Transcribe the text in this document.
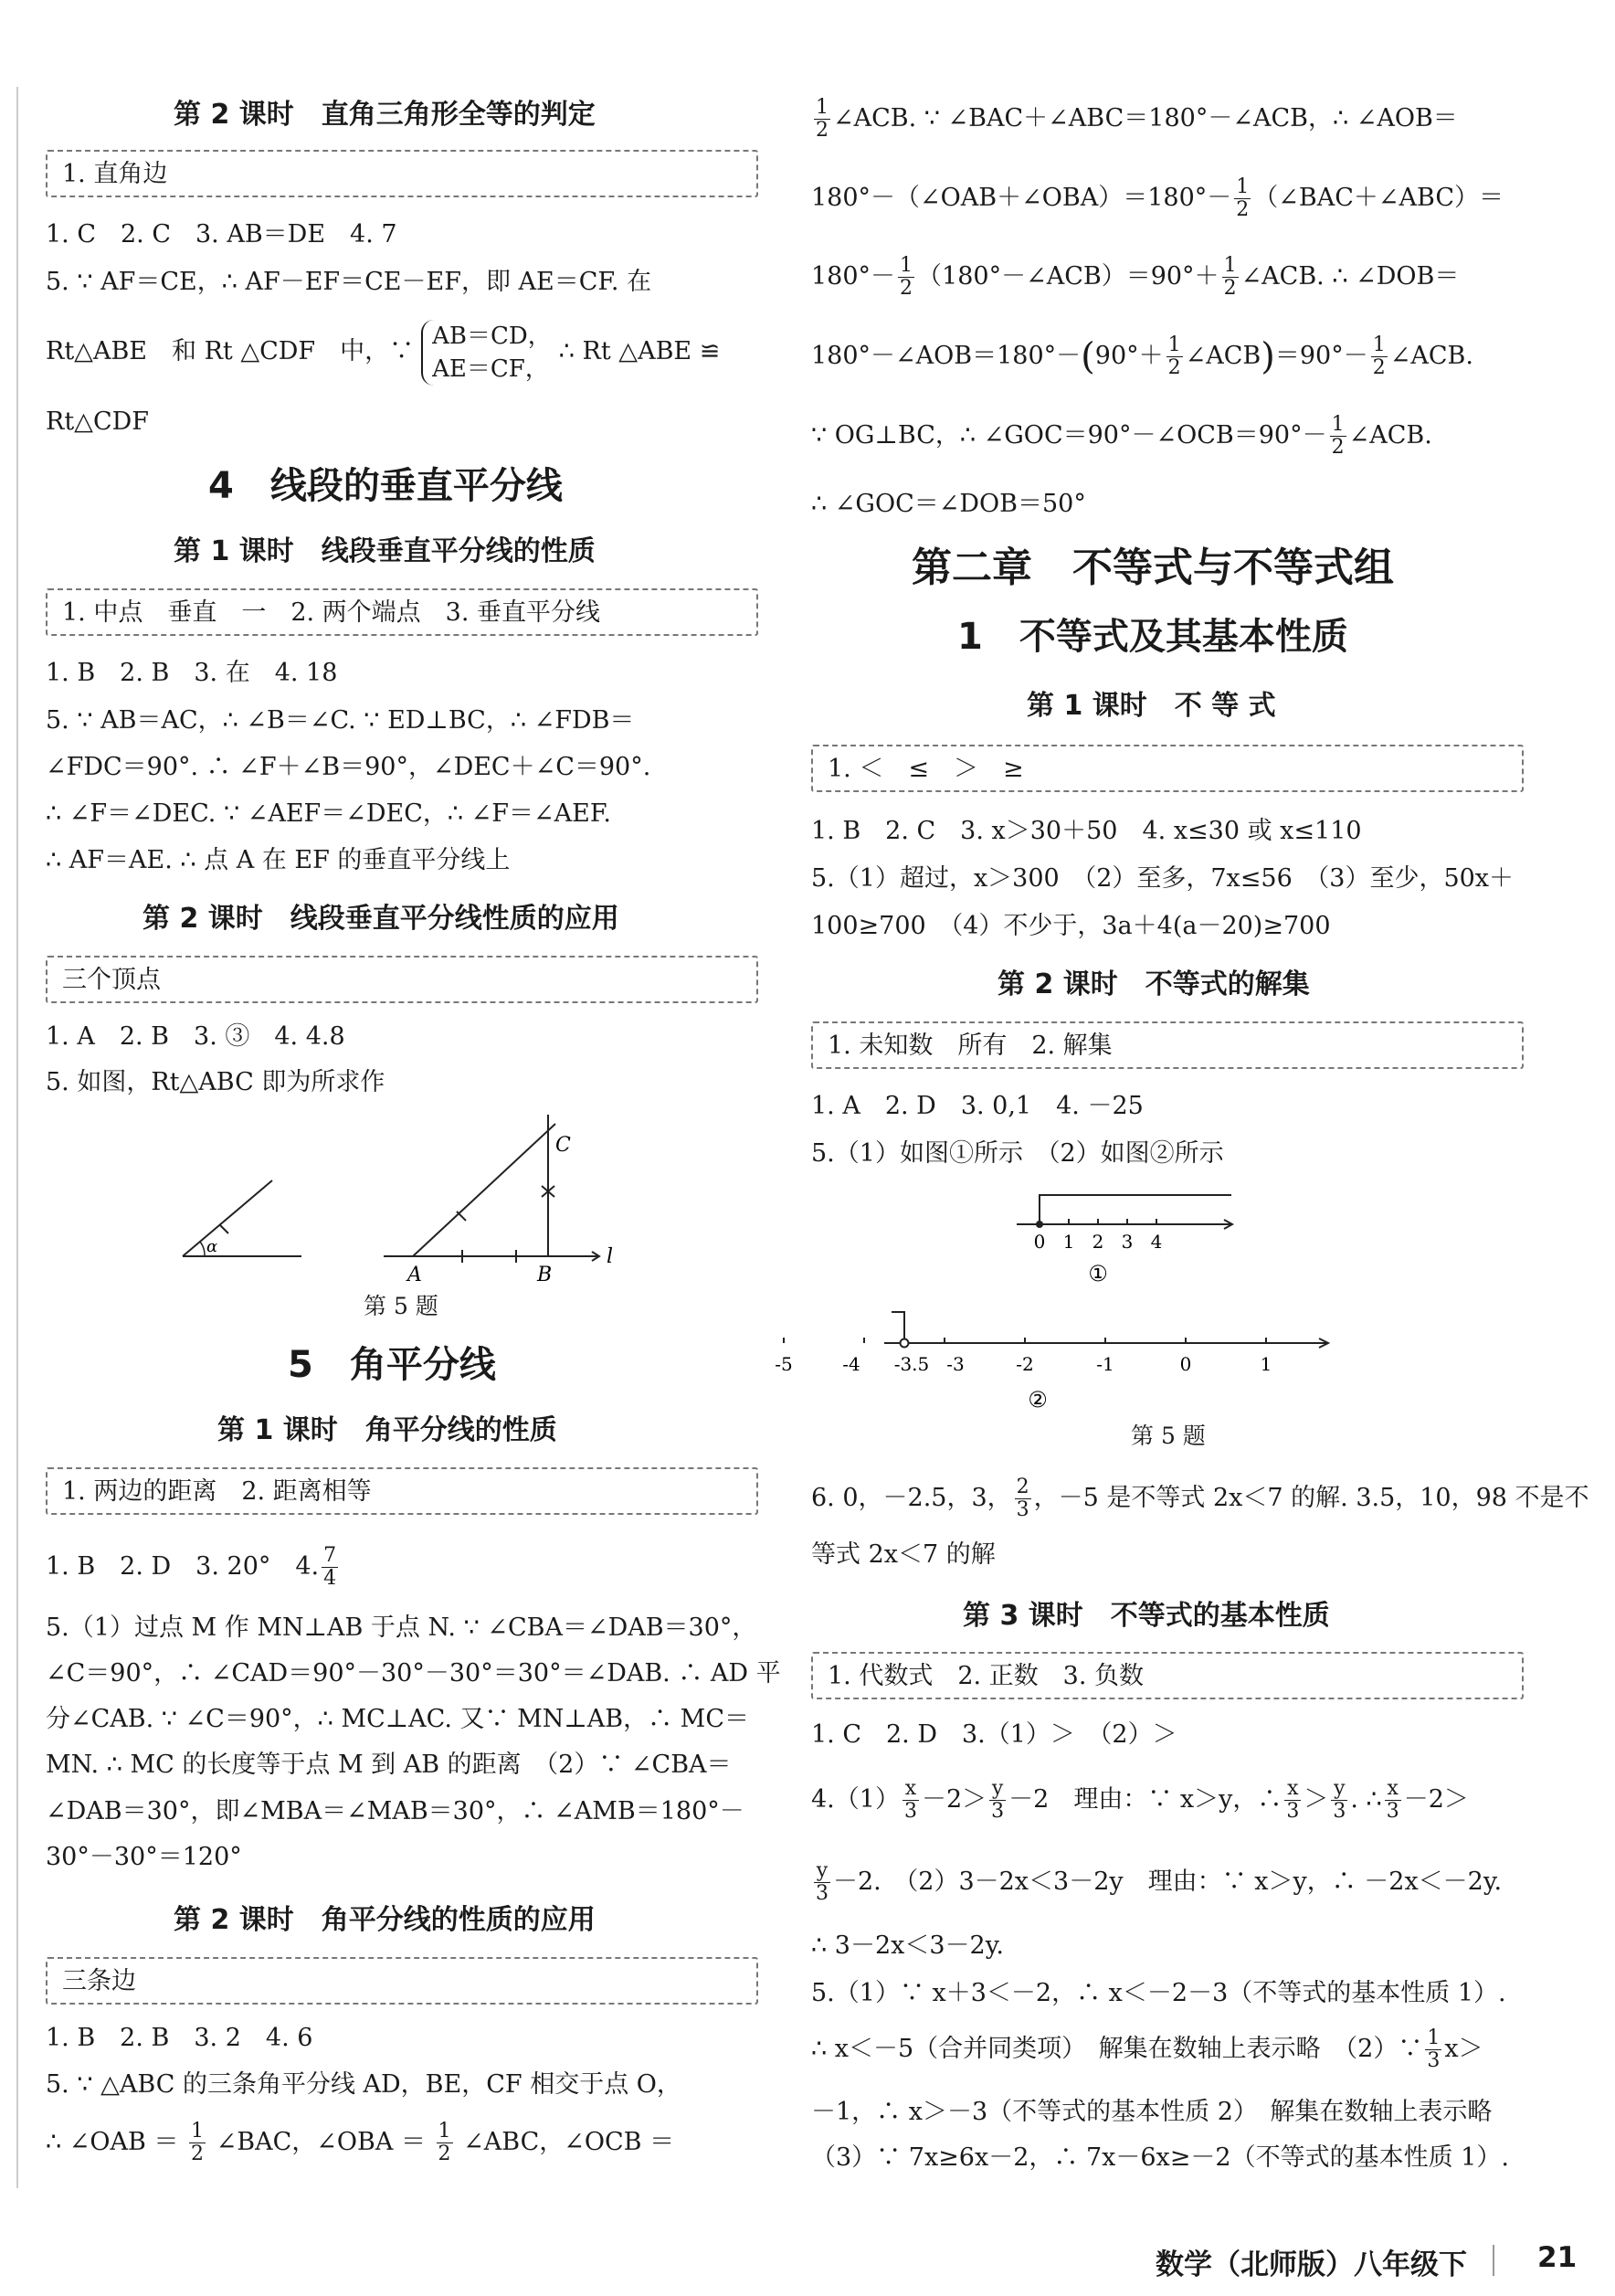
第 2 课时　直角三角形全等的判定
1. 直角边
1. C　2. C　3. AB＝DE　4. 7
5. ∵ AF＝CE，∴ AF－EF＝CE－EF，即 AE＝CF. 在
Rt△ABE　和 Rt △CDF　中，∵
AB＝CD，
AE＝CF，
∴ Rt △ABE ≌
Rt△CDF
4　线段的垂直平分线
第 1 课时　线段垂直平分线的性质
1. 中点　垂直　一　2. 两个端点　3. 垂直平分线
1. B　2. B　3. 在　4. 18
5. ∵ AB＝AC，∴ ∠B＝∠C. ∵ ED⊥BC，∴ ∠FDB＝
∠FDC＝90°. ∴ ∠F＋∠B＝90°，∠DEC＋∠C＝90°.
∴ ∠F＝∠DEC. ∵ ∠AEF＝∠DEC，∴ ∠F＝∠AEF.
∴ AF＝AE. ∴ 点 A 在 EF 的垂直平分线上
第 2 课时　线段垂直平分线性质的应用
三个顶点
1. A　2. B　3. ③　4. 4.8
5. 如图，Rt△ABC 即为所求作
α
A	B
C
l
第 5 题
5　角平分线
第 1 课时　角平分线的性质
1. 两边的距离　2. 距离相等
1. B　2. D　3. 20°　4. $\frac{7}{4}$
5.（1）过点 M 作 MN⊥AB 于点 N. ∵ ∠CBA＝∠DAB＝30°，
∠C＝90°，∴ ∠CAD＝90°－30°－30°＝30°＝∠DAB. ∴ AD 平
分∠CAB. ∵ ∠C＝90°，∴ MC⊥AC. 又∵ MN⊥AB，∴ MC＝
MN. ∴ MC 的长度等于点 M 到 AB 的距离　（2）∵ ∠CBA＝
∠DAB＝30°，即∠MBA＝∠MAB＝30°，∴ ∠AMB＝180°－
30°－30°＝120°
第 2 课时　角平分线的性质的应用
三条边
1. B　2. B　3. 2　4. 6
5. ∵ △ABC 的三条角平分线 AD，BE，CF 相交于点 O，
∴ ∠OAB ＝ $\frac{1}{2}$ ∠BAC，∠OBA ＝ $\frac{1}{2}$ ∠ABC，∠OCB ＝
$\frac{1}{2}$ ∠ACB. ∵ ∠BAC＋∠ABC＝180°－∠ACB，∴ ∠AOB＝
180°－（∠OAB＋∠OBA）＝180°－ $\frac{1}{2}$ （∠BAC＋∠ABC）＝
$180^\circ- \frac{1}{2}$ （180°－∠ACB）＝90°＋ $\frac{1}{2}$ ∠ACB. ∴ ∠DOB＝
180°－∠AOB＝180°－(90°＋ $\frac{1}{2}$ ∠ACB)＝90°－ $\frac{1}{2}$ ∠ACB.
∵ OG⊥BC，∴ ∠GOC＝90°－∠OCB＝90°－ $\frac{1}{2}$ ∠ACB.
∴ ∠GOC＝∠DOB＝50°
第二章　不等式与不等式组
1　不等式及其基本性质
第 1 课时　不 等 式
1. ＜　≤　＞　≥
1. B　2. C　3. x＞30＋50　4. x≤30 或 x≤110
5.（1）超过，x＞300　（2）至多，7x≤56　（3）至少，50x＋
100≥700　（4）不少于，3a＋4(a－20)≥700
第 2 课时　不等式的解集
1. 未知数　所有　2. 解集
1. A　2. D　3. 0,1　4. －25
5.（1）如图①所示　（2）如图②所示
0 1 2 3 4
①
-5	-4 -3.5 -3	-2	-1	0	1
②
第 5 题
6. 0，－2.5，3， $\frac{2}{3}$ ，－5 是不等式 2x＜7 的解. 3.5，10，98 不是不
等式 2x＜7 的解
第 3 课时　不等式的基本性质
1. 代数式　2. 正数　3. 负数
1. C　2. D　3.（1）＞　（2）＞
$4.(1) \frac{x}{3} -2> \frac{y}{3} -2$　理由：∵ x＞y，∴ $\frac{x}{3} > \frac{y}{3}$ . ∴ $\frac{x}{3} -2>$
$\frac{y}{3} -2$.　（2）3－2x＜3－2y　理由：∵ x＞y，∴ －2x＜－2y.
∴ 3－2x＜3－2y.
5.（1）∵ x＋3＜－2，∴ x＜－2－3（不等式的基本性质 1）.
∴ x＜－5（合并同类项）　解集在数轴上表示略　（2）∵ $\frac{1}{3} x>$
－1，∴ x＞－3（不等式的基本性质 2）　解集在数轴上表示略
（3）∵ 7x≥6x－2，∴ 7x－6x≥－2（不等式的基本性质 1）.
数学（北师版）八年级下 21
